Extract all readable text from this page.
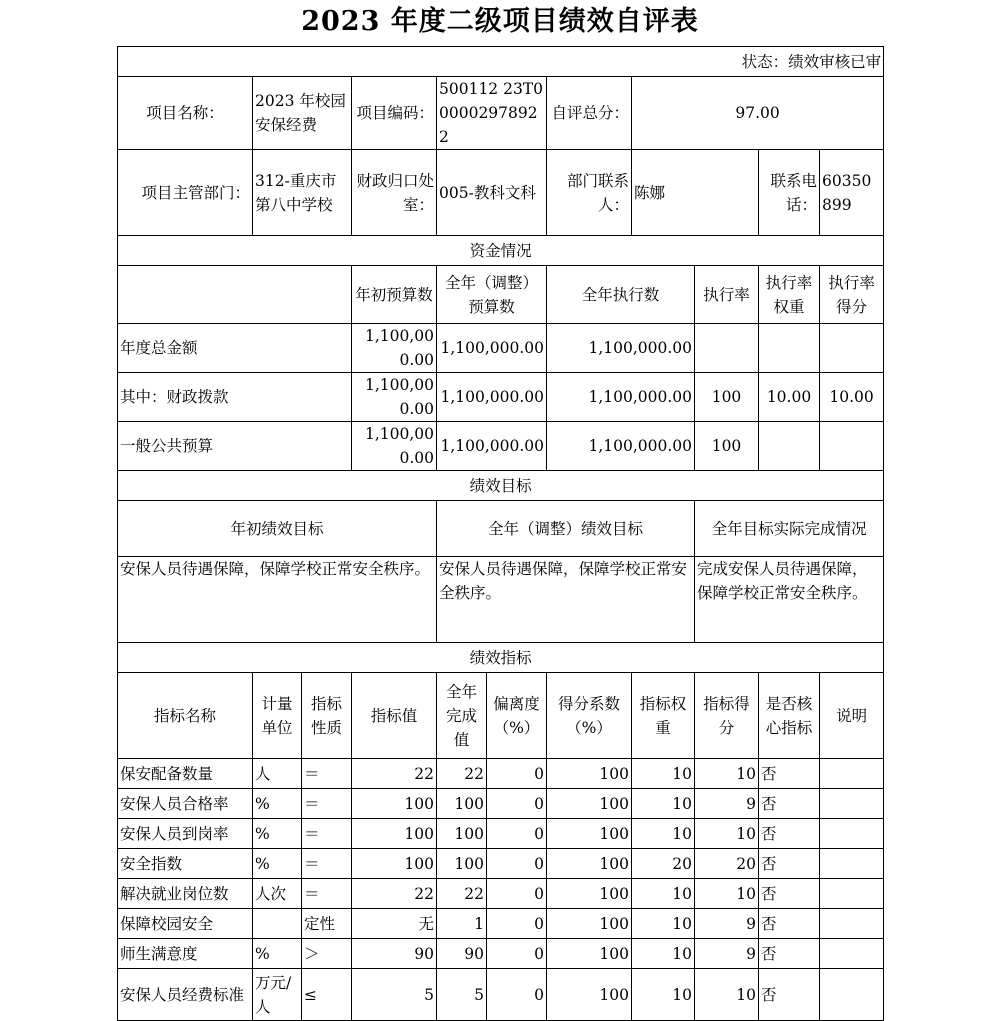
2023 年度二级项目绩效自评表
状态：绩效审核已审										
项目名称：	2023 年校园安保经费		项目编码：	500112 23T000002978922		自评总分：	97.00			
项目主管部门：	312-重庆市第八中学校		财政归口处室：	005-教科文科		部门联系人：	陈娜		联系电话：	60350899
资金情况										
			年初预算数	全年（调整）预算数		全年执行数		执行率	执行率权重	执行率得分
年度总金额			1,100,000.00	1,100,000.00		1,100,000.00				
其中：财政拨款			1,100,000.00	1,100,000.00		1,100,000.00		100	10.00	10.00
一般公共预算			1,100,000.00	1,100,000.00		1,100,000.00		100		
绩效目标										
年初绩效目标				全年（调整）绩效目标				全年目标实际完成情况		
安保人员待遇保障，保障学校正常安全秩序。				安保人员待遇保障，保障学校正常安全秩序。				完成安保人员待遇保障，保障学校正常安全秩序。		
绩效指标										
指标名称	计量单位	指标性质	指标值	全年完成值	偏离度（%）	得分系数（%）	指标权重	指标得分	是否核心指标	说明
保安配备数量	人	＝	22	22	0	100	10	10	否	
安保人员合格率	%	＝	100	100	0	100	10	9	否	
安保人员到岗率	%	＝	100	100	0	100	10	10	否	
安全指数	%	＝	100	100	0	100	20	20	否	
解决就业岗位数	人次	＝	22	22	0	100	10	10	否	
保障校园安全		定性	无	1	0	100	10	9	否	
师生满意度	%	＞	90	90	0	100	10	9	否	
安保人员经费标准	万元/人	≤	5	5	0	100	10	10	否	
